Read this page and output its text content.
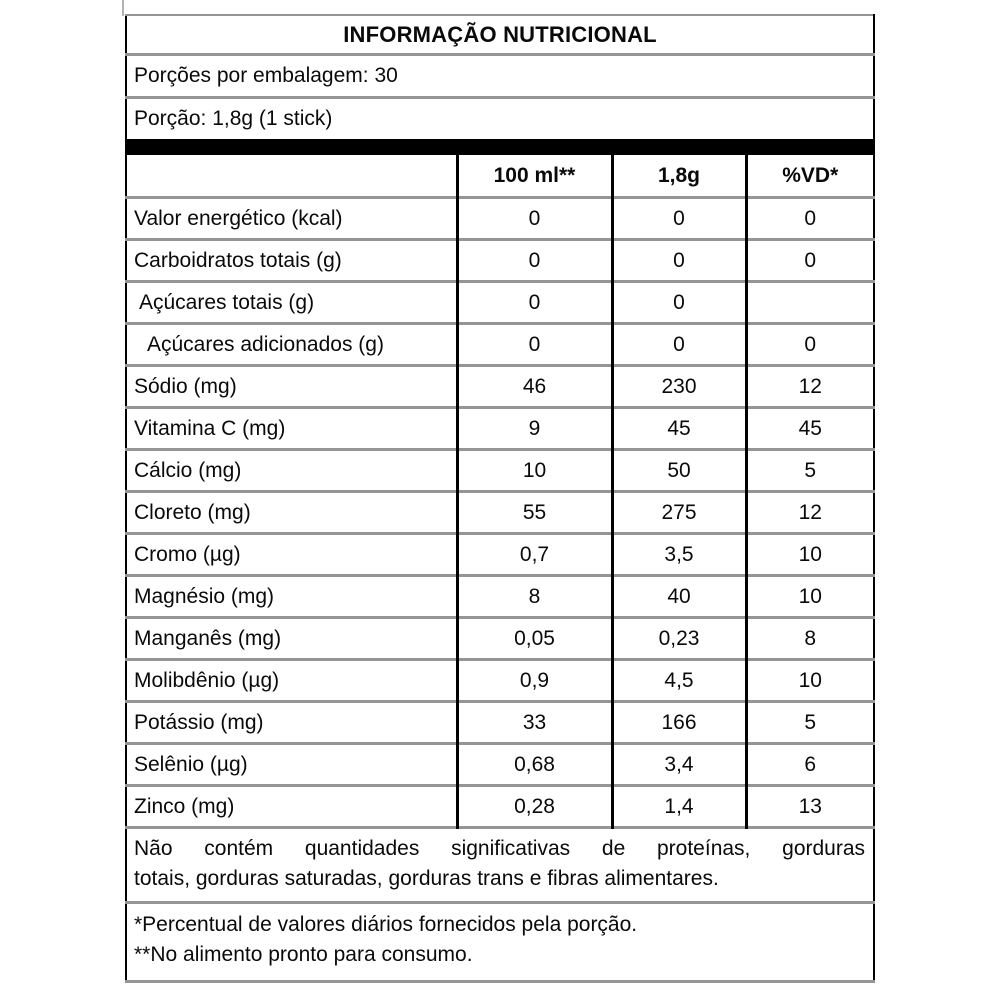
INFORMAÇÃO NUTRICIONAL			
Porções por embalagem: 30			
Porção: 1,8g (1 stick)			

	100 ml**	1,8g	%VD*
Valor energético (kcal)	0	0	0
Carboidratos totais (g)	0	0	0
Açúcares totais (g)	0	0	
Açúcares adicionados (g)	0	0	0
Sódio (mg)	46	230	12
Vitamina C (mg)	9	45	45
Cálcio (mg)	10	50	5
Cloreto (mg)	55	275	12
Cromo (µg)	0,7	3,5	10
Magnésio (mg)	8	40	10
Manganês (mg)	0,05	0,23	8
Molibdênio (µg)	0,9	4,5	10
Potássio (mg)	33	166	5
Selênio (µg)	0,68	3,4	6
Zinco (mg)	0,28	1,4	13

Não contém quantidades significativas de proteínas, gorduras
totais, gorduras saturadas, gorduras trans e fibras alimentares.			

*Percentual de valores diários fornecidos pela porção.
**No alimento pronto para consumo.			
